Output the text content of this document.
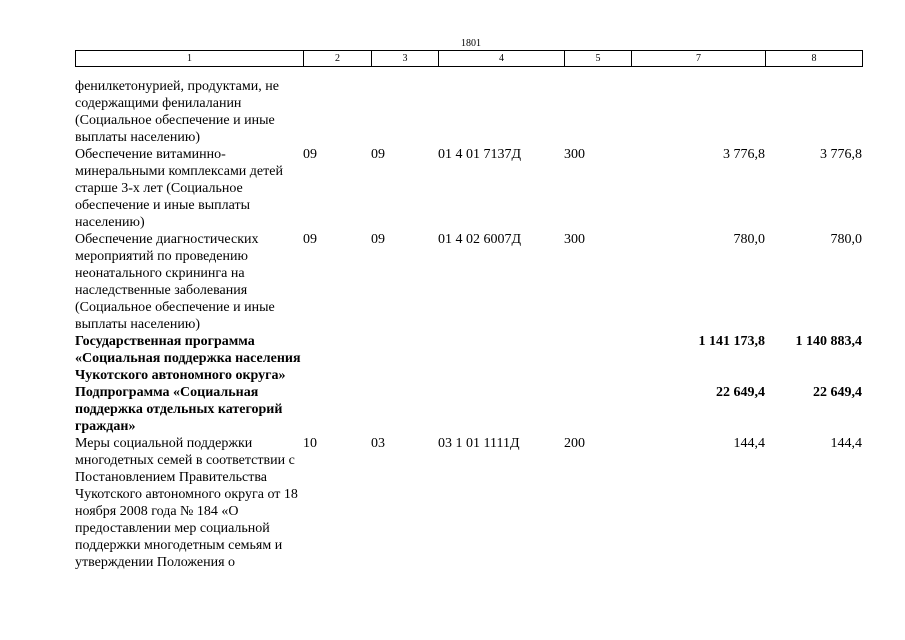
1801
1	2	3	4	5	7	8
фенилкетонурией, продуктами, не содержащими фенилаланин (Социальное обеспечение и иные выплаты населению)						
Обеспечение витаминно-минеральными комплексами детей старше 3-х лет (Социальное обеспечение и иные выплаты населению)	09	09	01 4 01 7137Д	300	3 776,8	3 776,8
Обеспечение диагностических мероприятий по проведению неонатального скрининга на наследственные заболевания (Социальное обеспечение и иные выплаты населению)	09	09	01 4 02 6007Д	300	780,0	780,0
Государственная программа «Социальная поддержка населения Чукотского автономного округа»					1 141 173,8	1 140 883,4
Подпрограмма «Социальная поддержка отдельных категорий граждан»					22 649,4	22 649,4
Меры социальной поддержки многодетных семей в соответствии с Постановлением Правительства Чукотского автономного округа от 18 ноября 2008 года № 184 «О предоставлении мер социальной поддержки многодетным семьям и утверждении Положения о	10	03	03 1 01 1111Д	200	144,4	144,4
